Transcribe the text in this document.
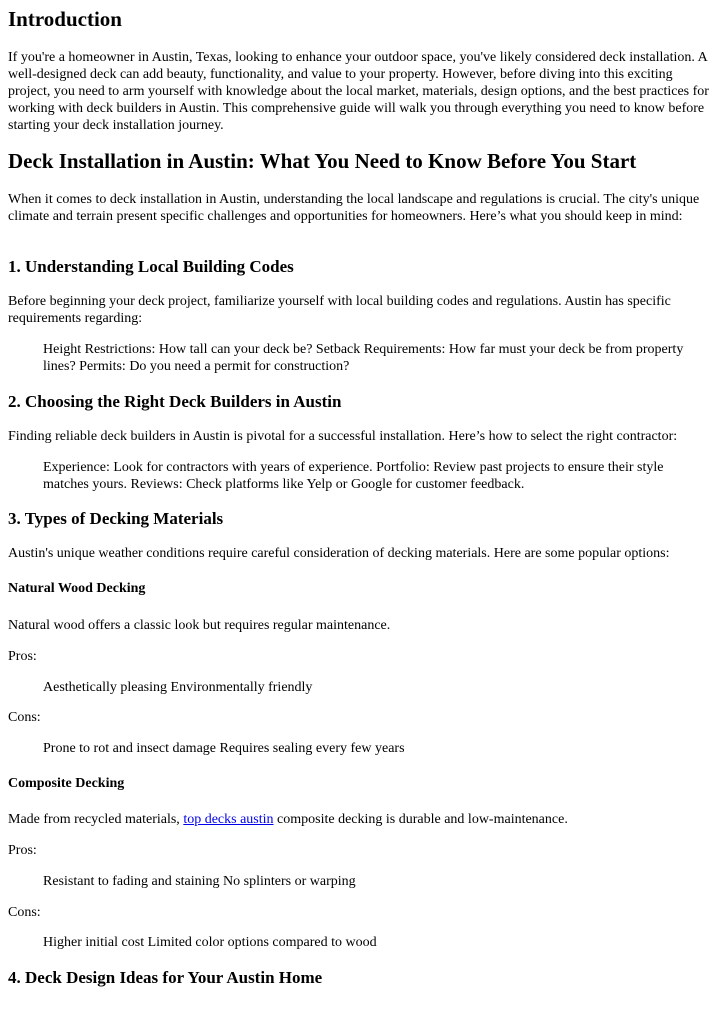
Introduction

If you're a homeowner in Austin, Texas, looking to enhance your outdoor space, you've likely considered deck installation. A well-designed deck can add beauty, functionality, and value to your property. However, before diving into this exciting project, you need to arm yourself with knowledge about the local market, materials, design options, and the best practices for working with deck builders in Austin. This comprehensive guide will walk you through everything you need to know before starting your deck installation journey.

Deck Installation in Austin: What You Need to Know Before You Start

When it comes to deck installation in Austin, understanding the local landscape and regulations is crucial. The city's unique climate and terrain present specific challenges and opportunities for homeowners. Here’s what you should keep in mind:

1. Understanding Local Building Codes

Before beginning your deck project, familiarize yourself with local building codes and regulations. Austin has specific requirements regarding:

Height Restrictions: How tall can your deck be? Setback Requirements: How far must your deck be from property lines? Permits: Do you need a permit for construction?

2. Choosing the Right Deck Builders in Austin

Finding reliable deck builders in Austin is pivotal for a successful installation. Here’s how to select the right contractor:

Experience: Look for contractors with years of experience. Portfolio: Review past projects to ensure their style matches yours. Reviews: Check platforms like Yelp or Google for customer feedback.

3. Types of Decking Materials

Austin's unique weather conditions require careful consideration of decking materials. Here are some popular options:

Natural Wood Decking

Natural wood offers a classic look but requires regular maintenance.

Pros:

Aesthetically pleasing Environmentally friendly

Cons:

Prone to rot and insect damage Requires sealing every few years

Composite Decking

Made from recycled materials, top decks austin composite decking is durable and low-maintenance.

Pros:

Resistant to fading and staining No splinters or warping

Cons:

Higher initial cost Limited color options compared to wood

4. Deck Design Ideas for Your Austin Home
